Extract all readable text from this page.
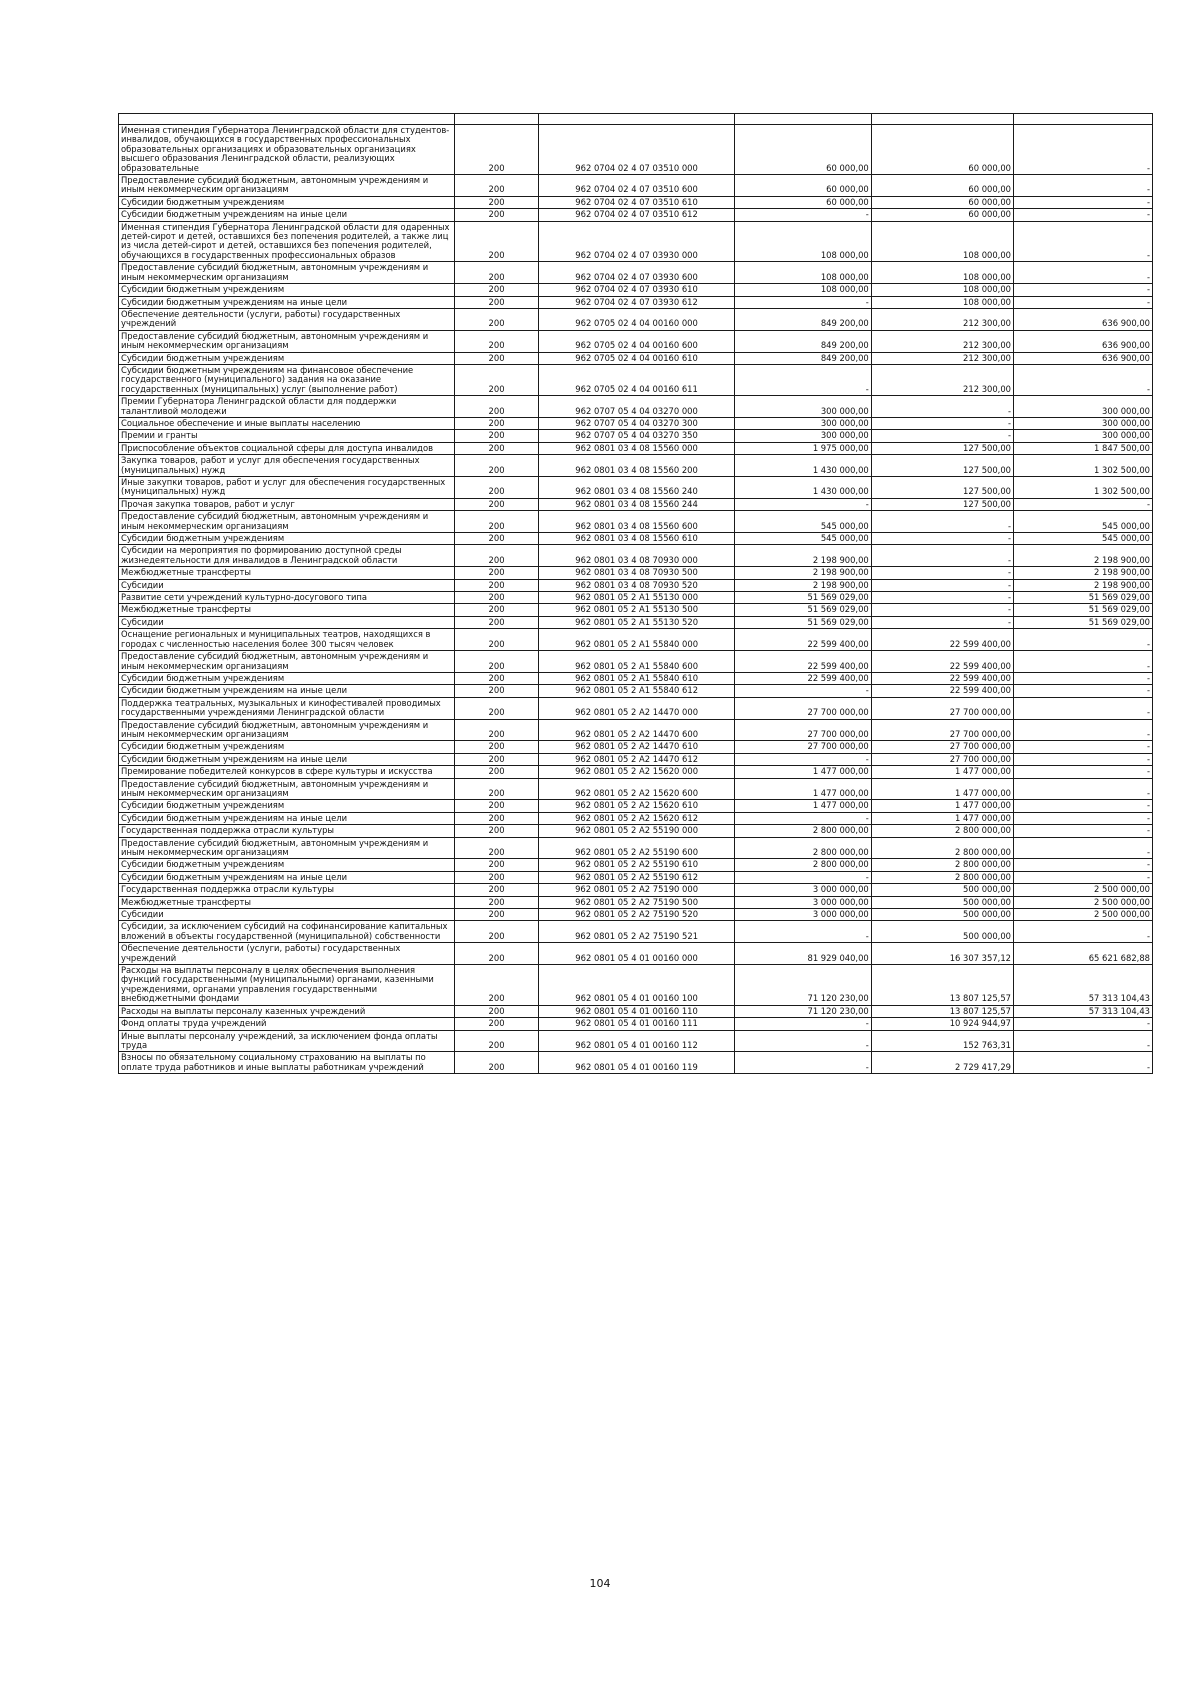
Именная стипендия Губернатора Ленинградской области для студентов-инвалидов, обучающихся в государственных профессиональных образовательных организациях и образовательных организациях высшего образования Ленинградской области, реализующих образовательные	200	962 0704 02 4 07 03510 000	60 000,00	60 000,00	-

Предоставление субсидий бюджетным, автономным учреждениям и иным некоммерческим организациям	200	962 0704 02 4 07 03510 600	60 000,00	60 000,00	-

Субсидии бюджетным учреждениям	200	962 0704 02 4 07 03510 610	60 000,00	60 000,00	-

Субсидии бюджетным учреждениям на иные цели	200	962 0704 02 4 07 03510 612	-	60 000,00	-

Именная стипендия Губернатора Ленинградской области для одаренных детей-сирот и детей, оставшихся без попечения родителей, а также лиц из числа детей-сирот и детей, оставшихся без попечения родителей, обучающихся в государственных профессиональных образов	200	962 0704 02 4 07 03930 000	108 000,00	108 000,00	-

Предоставление субсидий бюджетным, автономным учреждениям и иным некоммерческим организациям	200	962 0704 02 4 07 03930 600	108 000,00	108 000,00	-

Субсидии бюджетным учреждениям	200	962 0704 02 4 07 03930 610	108 000,00	108 000,00	-

Субсидии бюджетным учреждениям на иные цели	200	962 0704 02 4 07 03930 612	-	108 000,00	-

Обеспечение деятельности (услуги, работы) государственных учреждений	200	962 0705 02 4 04 00160 000	849 200,00	212 300,00	636 900,00

Предоставление субсидий бюджетным, автономным учреждениям и иным некоммерческим организациям	200	962 0705 02 4 04 00160 600	849 200,00	212 300,00	636 900,00

Субсидии бюджетным учреждениям	200	962 0705 02 4 04 00160 610	849 200,00	212 300,00	636 900,00

Субсидии бюджетным учреждениям на финансовое обеспечение государственного (муниципального) задания на оказание государственных (муниципальных) услуг (выполнение работ)	200	962 0705 02 4 04 00160 611	-	212 300,00	-

Премии Губернатора Ленинградской области для поддержки талантливой молодежи	200	962 0707 05 4 04 03270 000	300 000,00	-	300 000,00

Социальное обеспечение и иные выплаты населению	200	962 0707 05 4 04 03270 300	300 000,00	-	300 000,00

Премии и гранты	200	962 0707 05 4 04 03270 350	300 000,00	-	300 000,00

Приспособление объектов социальной сферы для доступа инвалидов	200	962 0801 03 4 08 15560 000	1 975 000,00	127 500,00	1 847 500,00

Закупка товаров, работ и услуг для обеспечения государственных (муниципальных) нужд	200	962 0801 03 4 08 15560 200	1 430 000,00	127 500,00	1 302 500,00

Иные закупки товаров, работ и услуг для обеспечения государственных (муниципальных) нужд	200	962 0801 03 4 08 15560 240	1 430 000,00	127 500,00	1 302 500,00

Прочая закупка товаров, работ и услуг	200	962 0801 03 4 08 15560 244	-	127 500,00	-

Предоставление субсидий бюджетным, автономным учреждениям и иным некоммерческим организациям	200	962 0801 03 4 08 15560 600	545 000,00	-	545 000,00

Субсидии бюджетным учреждениям	200	962 0801 03 4 08 15560 610	545 000,00	-	545 000,00

Субсидии на мероприятия по формированию доступной среды жизнедеятельности для инвалидов в Ленинградской области	200	962 0801 03 4 08 70930 000	2 198 900,00	-	2 198 900,00

Межбюджетные трансферты	200	962 0801 03 4 08 70930 500	2 198 900,00	-	2 198 900,00

Субсидии	200	962 0801 03 4 08 70930 520	2 198 900,00	-	2 198 900,00

Развитие сети учреждений культурно-досугового типа	200	962 0801 05 2 A1 55130 000	51 569 029,00	-	51 569 029,00

Межбюджетные трансферты	200	962 0801 05 2 A1 55130 500	51 569 029,00	-	51 569 029,00

Субсидии	200	962 0801 05 2 A1 55130 520	51 569 029,00	-	51 569 029,00

Оснащение региональных и муниципальных театров, находящихся в городах с численностью населения более 300 тысяч человек	200	962 0801 05 2 A1 55840 000	22 599 400,00	22 599 400,00	-

Предоставление субсидий бюджетным, автономным учреждениям и иным некоммерческим организациям	200	962 0801 05 2 A1 55840 600	22 599 400,00	22 599 400,00	-

Субсидии бюджетным учреждениям	200	962 0801 05 2 A1 55840 610	22 599 400,00	22 599 400,00	-

Субсидии бюджетным учреждениям на иные цели	200	962 0801 05 2 A1 55840 612	-	22 599 400,00	-

Поддержка театральных, музыкальных и кинофестивалей проводимых государственными учреждениями Ленинградской области	200	962 0801 05 2 A2 14470 000	27 700 000,00	27 700 000,00	-

Предоставление субсидий бюджетным, автономным учреждениям и иным некоммерческим организациям	200	962 0801 05 2 A2 14470 600	27 700 000,00	27 700 000,00	-

Субсидии бюджетным учреждениям	200	962 0801 05 2 A2 14470 610	27 700 000,00	27 700 000,00	-

Субсидии бюджетным учреждениям на иные цели	200	962 0801 05 2 A2 14470 612	-	27 700 000,00	-

Премирование победителей конкурсов в сфере культуры и искусства	200	962 0801 05 2 A2 15620 000	1 477 000,00	1 477 000,00	-

Предоставление субсидий бюджетным, автономным учреждениям и иным некоммерческим организациям	200	962 0801 05 2 A2 15620 600	1 477 000,00	1 477 000,00	-

Субсидии бюджетным учреждениям	200	962 0801 05 2 A2 15620 610	1 477 000,00	1 477 000,00	-

Субсидии бюджетным учреждениям на иные цели	200	962 0801 05 2 A2 15620 612	-	1 477 000,00	-

Государственная поддержка отрасли культуры	200	962 0801 05 2 A2 55190 000	2 800 000,00	2 800 000,00	-

Предоставление субсидий бюджетным, автономным учреждениям и иным некоммерческим организациям	200	962 0801 05 2 A2 55190 600	2 800 000,00	2 800 000,00	-

Субсидии бюджетным учреждениям	200	962 0801 05 2 A2 55190 610	2 800 000,00	2 800 000,00	-

Субсидии бюджетным учреждениям на иные цели	200	962 0801 05 2 A2 55190 612	-	2 800 000,00	-

Государственная поддержка отрасли культуры	200	962 0801 05 2 A2 75190 000	3 000 000,00	500 000,00	2 500 000,00

Межбюджетные трансферты	200	962 0801 05 2 A2 75190 500	3 000 000,00	500 000,00	2 500 000,00

Субсидии	200	962 0801 05 2 A2 75190 520	3 000 000,00	500 000,00	2 500 000,00

Субсидии, за исключением субсидий на софинансирование капитальных вложений в объекты государственной (муниципальной) собственности	200	962 0801 05 2 A2 75190 521	-	500 000,00	-

Обеспечение деятельности (услуги, работы) государственных учреждений	200	962 0801 05 4 01 00160 000	81 929 040,00	16 307 357,12	65 621 682,88

Расходы на выплаты персоналу в целях обеспечения выполнения функций государственными (муниципальными) органами, казенными учреждениями, органами управления государственными внебюджетными фондами	200	962 0801 05 4 01 00160 100	71 120 230,00	13 807 125,57	57 313 104,43

Расходы на выплаты персоналу казенных учреждений	200	962 0801 05 4 01 00160 110	71 120 230,00	13 807 125,57	57 313 104,43

Фонд оплаты труда учреждений	200	962 0801 05 4 01 00160 111	-	10 924 944,97	-

Иные выплаты персоналу учреждений, за исключением фонда оплаты труда	200	962 0801 05 4 01 00160 112	-	152 763,31	-

Взносы по обязательному социальному страхованию на выплаты по оплате труда работников и иные выплаты работникам учреждений	200	962 0801 05 4 01 00160 119	-	2 729 417,29	-
104
